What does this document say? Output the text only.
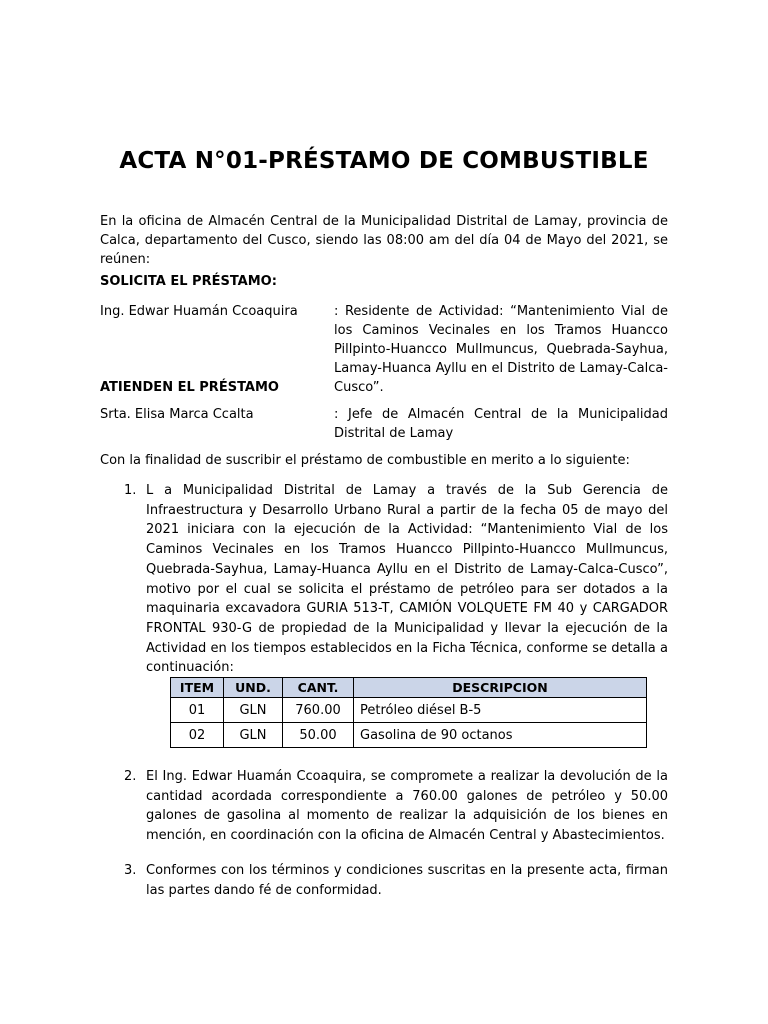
ACTA N°01-PRÉSTAMO DE COMBUSTIBLE
En la oficina de Almacén Central de la Municipalidad Distrital de Lamay, provincia de Calca, departamento del Cusco, siendo las 08:00 am del día 04 de Mayo del 2021, se reúnen:
SOLICITA EL PRÉSTAMO:
Ing. Edwar Huamán Ccoaquira	: Residente de Actividad: “Mantenimiento Vial de los Caminos Vecinales en los Tramos Huancco Pillpinto-Huancco Mullmuncus, Quebrada-Sayhua, Lamay-Huanca Ayllu en el Distrito de Lamay-Calca-Cusco”.
ATIENDEN EL PRÉSTAMO
Srta. Elisa Marca Ccalta	: Jefe de Almacén Central de la Municipalidad Distrital de Lamay
Con la finalidad de suscribir el préstamo de combustible en merito a lo siguiente:
1. L a Municipalidad Distrital de Lamay a través de la Sub Gerencia de Infraestructura y Desarrollo Urbano Rural a partir de la fecha 05 de mayo del 2021 iniciara con la ejecución de la Actividad: “Mantenimiento Vial de los Caminos Vecinales en los Tramos Huancco Pillpinto-Huancco Mullmuncus, Quebrada-Sayhua, Lamay-Huanca Ayllu en el Distrito de Lamay-Calca-Cusco”, motivo por el cual se solicita el préstamo de petróleo para ser dotados a la maquinaria excavadora GURIA 513-T, CAMIÓN VOLQUETE FM 40 y CARGADOR FRONTAL 930-G de propiedad de la Municipalidad y llevar la ejecución de la Actividad en los tiempos establecidos en la Ficha Técnica, conforme se detalla a continuación:
ITEM	UND.	CANT.	DESCRIPCION
01	GLN	760.00	Petróleo diésel B-5
02	GLN	50.00	Gasolina de 90 octanos
2. El Ing. Edwar Huamán Ccoaquira, se compromete a realizar la devolución de la cantidad acordada correspondiente a 760.00 galones de petróleo y 50.00 galones de gasolina al momento de realizar la adquisición de los bienes en mención, en coordinación con la oficina de Almacén Central y Abastecimientos.
3. Conformes con los términos y condiciones suscritas en la presente acta, firman las partes dando fé de conformidad.
